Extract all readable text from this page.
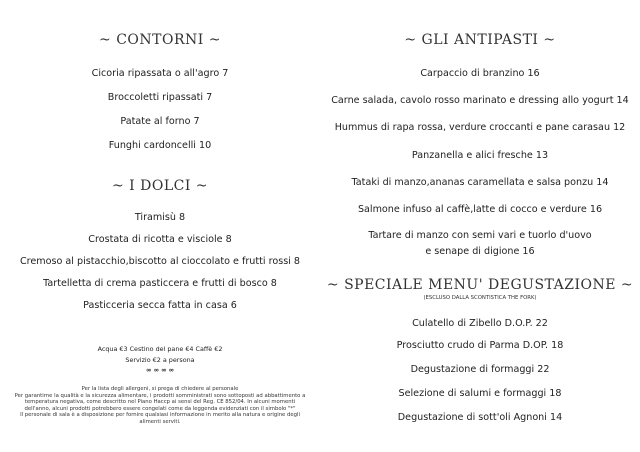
~ CONTORNI ~
Cicoria ripassata o all'agro 7
Broccoletti ripassati 7
Patate al forno 7
Funghi cardoncelli 10
~ I DOLCI ~
Tiramisù 8
Crostata di ricotta e visciole 8
Cremoso al pistacchio,biscotto al cioccolato e frutti rossi 8
Tartelletta di crema pasticcera e frutti di bosco 8
Pasticceria secca fatta in casa 6
Acqua €3 Cestino del pane €4 Caffè €2
Servizio €2 a persona
∞ ∞ ∞ ∞
Per la lista degli allergeni, si prega di chiedere al personale
Per garantirne la qualità e la sicurezza alimentare, i prodotti somministrati sono sottoposti ad abbattimento a temperatura negativa, come descritto nel Piano Haccp ai sensi del Reg. CE 852/04. In alcuni momenti dell'anno, alcuni prodotti potrebbero essere congelati come da leggenda evidenziati con il simbolo "*"
Il personale di sala è a disposizione per fornire qualsiasi informazione in merito alla natura e origine degli alimenti serviti.
~ GLI ANTIPASTI ~
Carpaccio di branzino 16
Carne salada, cavolo rosso marinato e dressing allo yogurt 14
Hummus di rapa rossa, verdure croccanti e pane carasau 12
Panzanella e alici fresche 13
Tataki di manzo,ananas caramellata e salsa ponzu 14
Salmone infuso al caffè,latte di cocco e verdure 16
Tartare di manzo con semi vari e tuorlo d'uovo
e senape di digione 16
~ SPECIALE MENU' DEGUSTAZIONE ~
(ESCLUSO DALLA SCONTISTICA THE FORK)
Culatello di Zibello D.O.P. 22
Prosciutto crudo di Parma D.OP. 18
Degustazione di formaggi 22
Selezione di salumi e formaggi 18
Degustazione di sott'oli Agnoni 14
